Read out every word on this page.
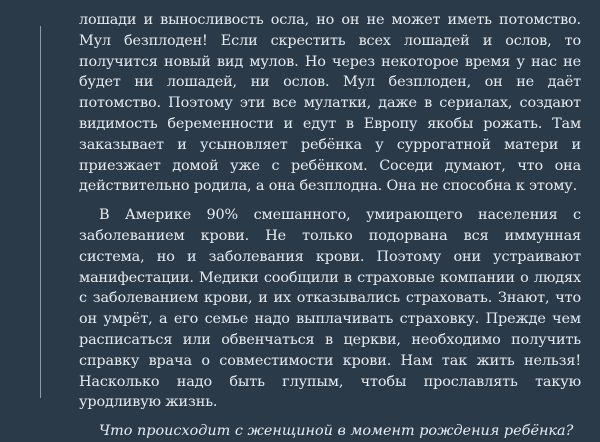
лошади и выносливость осла, но он не может иметь потомство. Мул безплоден! Если скрестить всех лошадей и ослов, то получится новый вид мулов. Но через некоторое время у нас не будет ни лошадей, ни ослов. Мул безплоден, он не даёт потомство. Поэтому эти все мулатки, даже в сериалах, создают видимость беременности и едут в Европу якобы рожать. Там заказывает и усыновляет ребёнка у суррогатной матери и приезжает домой уже с ребёнком. Соседи думают, что она действительно родила, а она безплодна. Она не способна к этому.

В Америке 90% смешанного, умирающего населения с заболеванием крови. Не только подорвана вся иммунная система, но и заболевания крови. Поэтому они устраивают манифестации. Медики сообщили в страховые компании о людях с заболеванием крови, и их отказывались страховать. Знают, что он умрёт, а его семье надо выплачивать страховку. Прежде чем расписаться или обвенчаться в церкви, необходимо получить справку врача о совместимости крови. Нам так жить нельзя! Насколько надо быть глупым, чтобы прославлять такую уродливую жизнь.

Что происходит с женщиной в момент рождения ребёнка?
